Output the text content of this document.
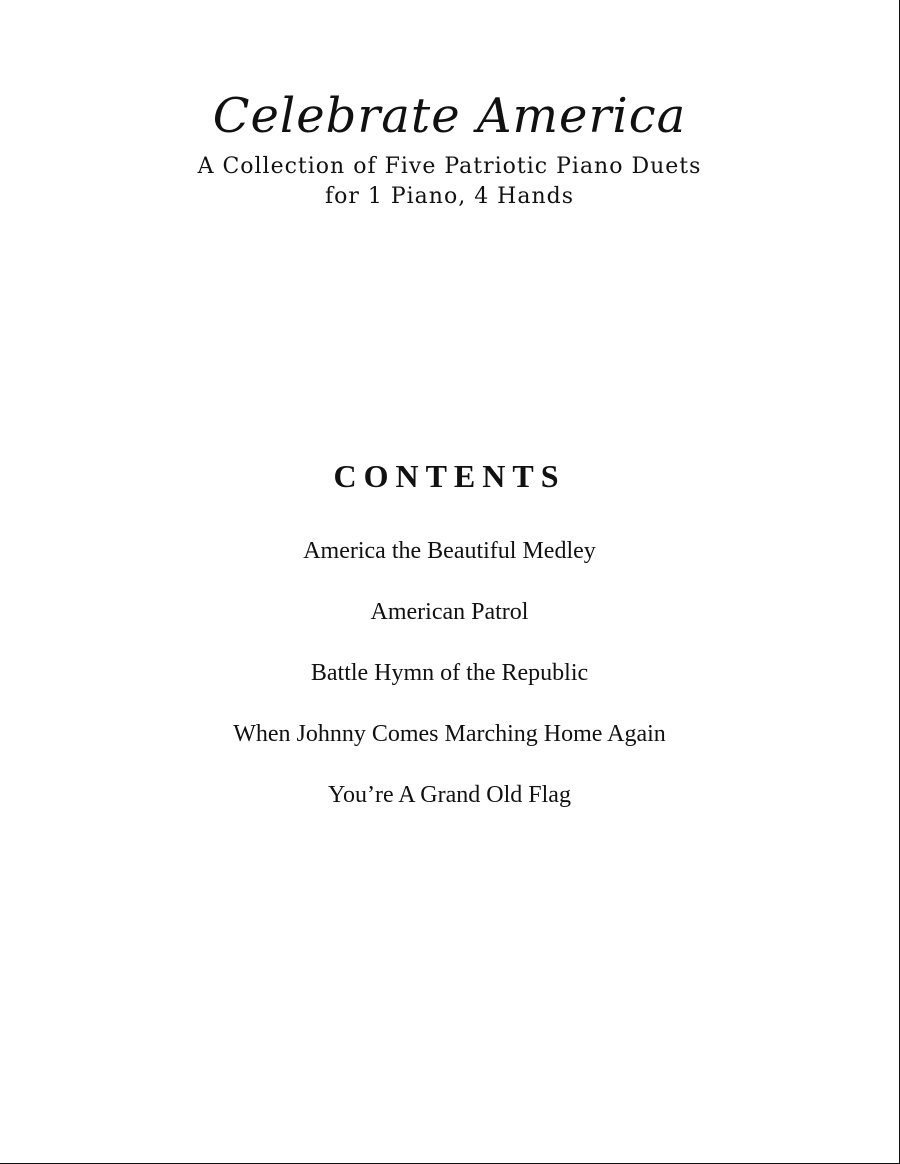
Celebrate America

A Collection of Five Patriotic Piano Duets

for 1 Piano, 4 Hands

CONTENTS
America the Beautiful Medley
American Patrol
Battle Hymn of the Republic
When Johnny Comes Marching Home Again
You’re A Grand Old Flag
